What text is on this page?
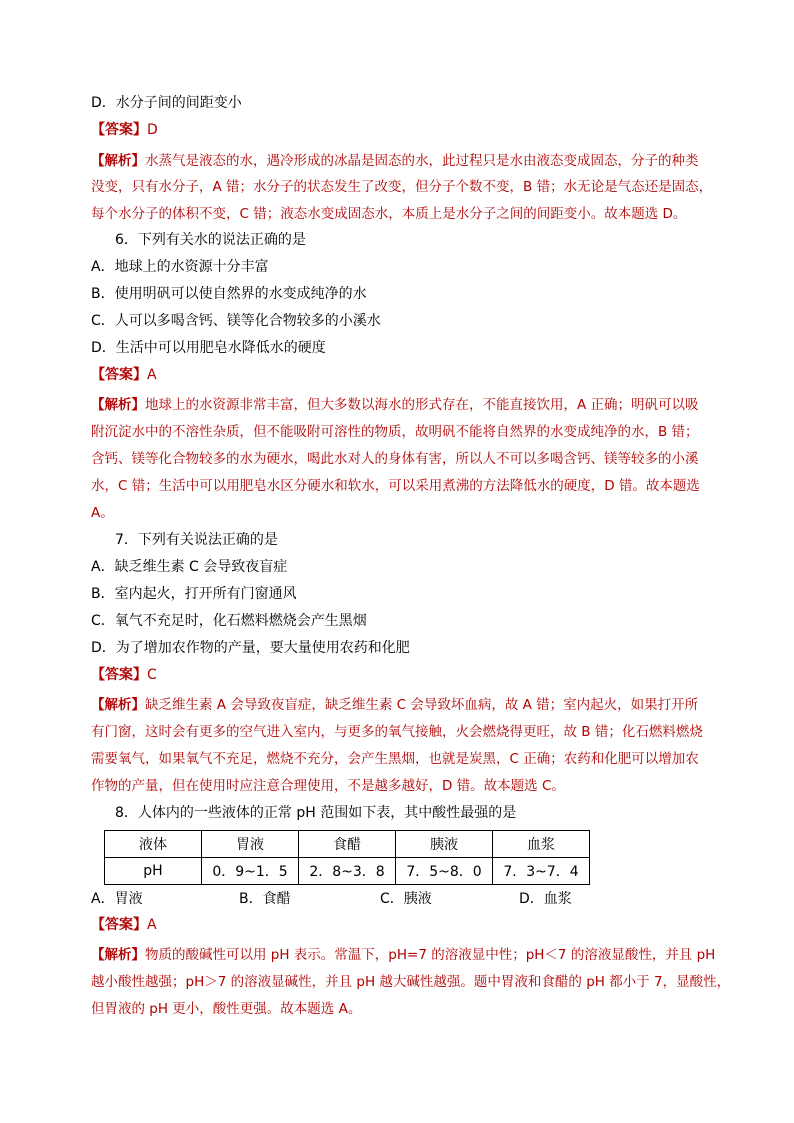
D．水分子间的间距变小
【答案】D
【解析】水蒸气是液态的水，遇冷形成的冰晶是固态的水，此过程只是水由液态变成固态，分子的种类
没变，只有水分子，A 错；水分子的状态发生了改变，但分子个数不变，B 错；水无论是气态还是固态，
每个水分子的体积不变，C 错；液态水变成固态水，本质上是水分子之间的间距变小。故本题选 D。
6．下列有关水的说法正确的是
A．地球上的水资源十分丰富
B．使用明矾可以使自然界的水变成纯净的水
C．人可以多喝含钙、镁等化合物较多的小溪水
D．生活中可以用肥皂水降低水的硬度
【答案】A
【解析】地球上的水资源非常丰富，但大多数以海水的形式存在，不能直接饮用，A 正确；明矾可以吸
附沉淀水中的不溶性杂质，但不能吸附可溶性的物质，故明矾不能将自然界的水变成纯净的水，B 错；
含钙、镁等化合物较多的水为硬水，喝此水对人的身体有害，所以人不可以多喝含钙、镁等较多的小溪
水，C 错；生活中可以用肥皂水区分硬水和软水，可以采用煮沸的方法降低水的硬度，D 错。故本题选
A。
7．下列有关说法正确的是
A．缺乏维生素 C 会导致夜盲症
B．室内起火，打开所有门窗通风
C．氧气不充足时，化石燃料燃烧会产生黑烟
D．为了增加农作物的产量，要大量使用农药和化肥
【答案】C
【解析】缺乏维生素 A 会导致夜盲症，缺乏维生素 C 会导致坏血病，故 A 错；室内起火，如果打开所
有门窗，这时会有更多的空气进入室内，与更多的氧气接触，火会燃烧得更旺，故 B 错；化石燃料燃烧
需要氧气，如果氧气不充足，燃烧不充分，会产生黑烟，也就是炭黑，C 正确；农药和化肥可以增加农
作物的产量，但在使用时应注意合理使用，不是越多越好，D 错。故本题选 C。
8．人体内的一些液体的正常 pH 范围如下表，其中酸性最强的是
液体	胃液	食醋	胰液	血浆
pH	0．9~1．5	2．8~3．8	7．5~8．0	7．3~7．4
A．胃液	B．食醋	C．胰液	D．血浆
【答案】A
【解析】物质的酸碱性可以用 pH 表示。常温下，pH=7 的溶液显中性；pH＜7 的溶液显酸性，并且 pH
越小酸性越强；pH＞7 的溶液显碱性，并且 pH 越大碱性越强。题中胃液和食醋的 pH 都小于 7，显酸性，
但胃液的 pH 更小，酸性更强。故本题选 A。
